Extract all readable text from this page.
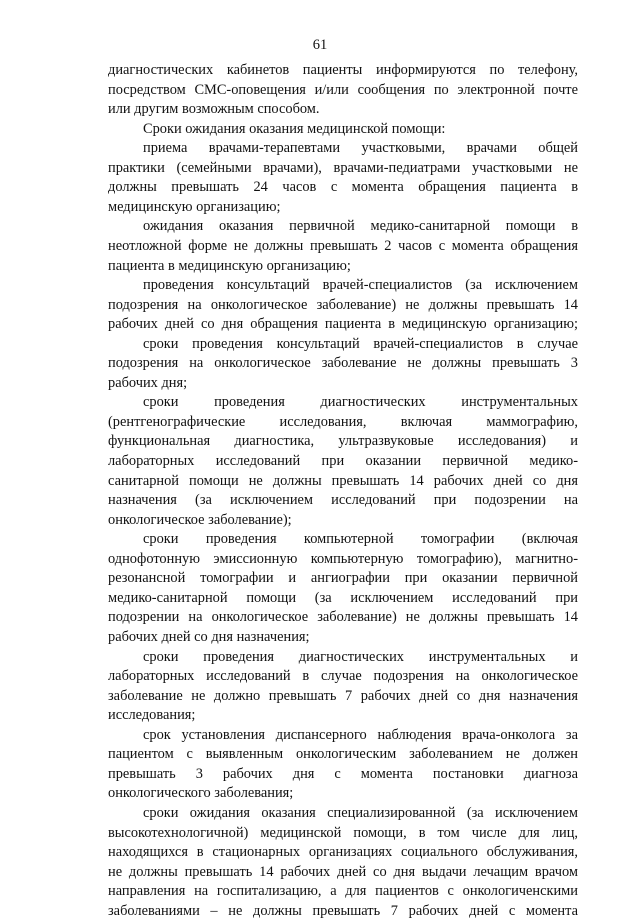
61
диагностических кабинетов пациенты информируются по телефону,
посредством СМС-оповещения и/или сообщения по электронной почте
или другим возможным способом.
Сроки ожидания оказания медицинской помощи:
приема врачами-терапевтами участковыми, врачами общей
практики (семейными врачами), врачами-педиатрами участковыми не
должны превышать 24 часов с момента обращения пациента в
медицинскую организацию;
ожидания оказания первичной медико-санитарной помощи в
неотложной форме не должны превышать 2 часов с момента обращения
пациента в медицинскую организацию;
проведения консультаций врачей-специалистов (за исключением
подозрения на онкологическое заболевание) не должны превышать 14
рабочих дней со дня обращения пациента в медицинскую организацию;
сроки проведения консультаций врачей-специалистов в случае
подозрения на онкологическое заболевание не должны превышать 3
рабочих дня;
сроки проведения диагностических инструментальных
(рентгенографические исследования, включая маммографию,
функциональная диагностика, ультразвуковые исследования) и
лабораторных исследований при оказании первичной медико-
санитарной помощи не должны превышать 14 рабочих дней со дня
назначения (за исключением исследований при подозрении на
онкологическое заболевание);
сроки проведения компьютерной томографии (включая
однофотонную эмиссионную компьютерную томографию), магнитно-
резонансной томографии и ангиографии при оказании первичной
медико-санитарной помощи (за исключением исследований при
подозрении на онкологическое заболевание) не должны превышать 14
рабочих дней со дня назначения;
сроки проведения диагностических инструментальных и
лабораторных исследований в случае подозрения на онкологическое
заболевание не должно превышать 7 рабочих дней со дня назначения
исследования;
срок установления диспансерного наблюдения врача-онколога за
пациентом с выявленным онкологическим заболеванием не должен
превышать 3 рабочих дня с момента постановки диагноза
онкологического заболевания;
сроки ожидания оказания специализированной (за исключением
высокотехнологичной) медицинской помощи, в том числе для лиц,
находящихся в стационарных организациях социального обслуживания,
не должны превышать 14 рабочих дней со дня выдачи лечащим врачом
направления на госпитализацию, а для пациентов с онкологиченскими
заболеваниями – не должны превышать 7 рабочих дней с момента
